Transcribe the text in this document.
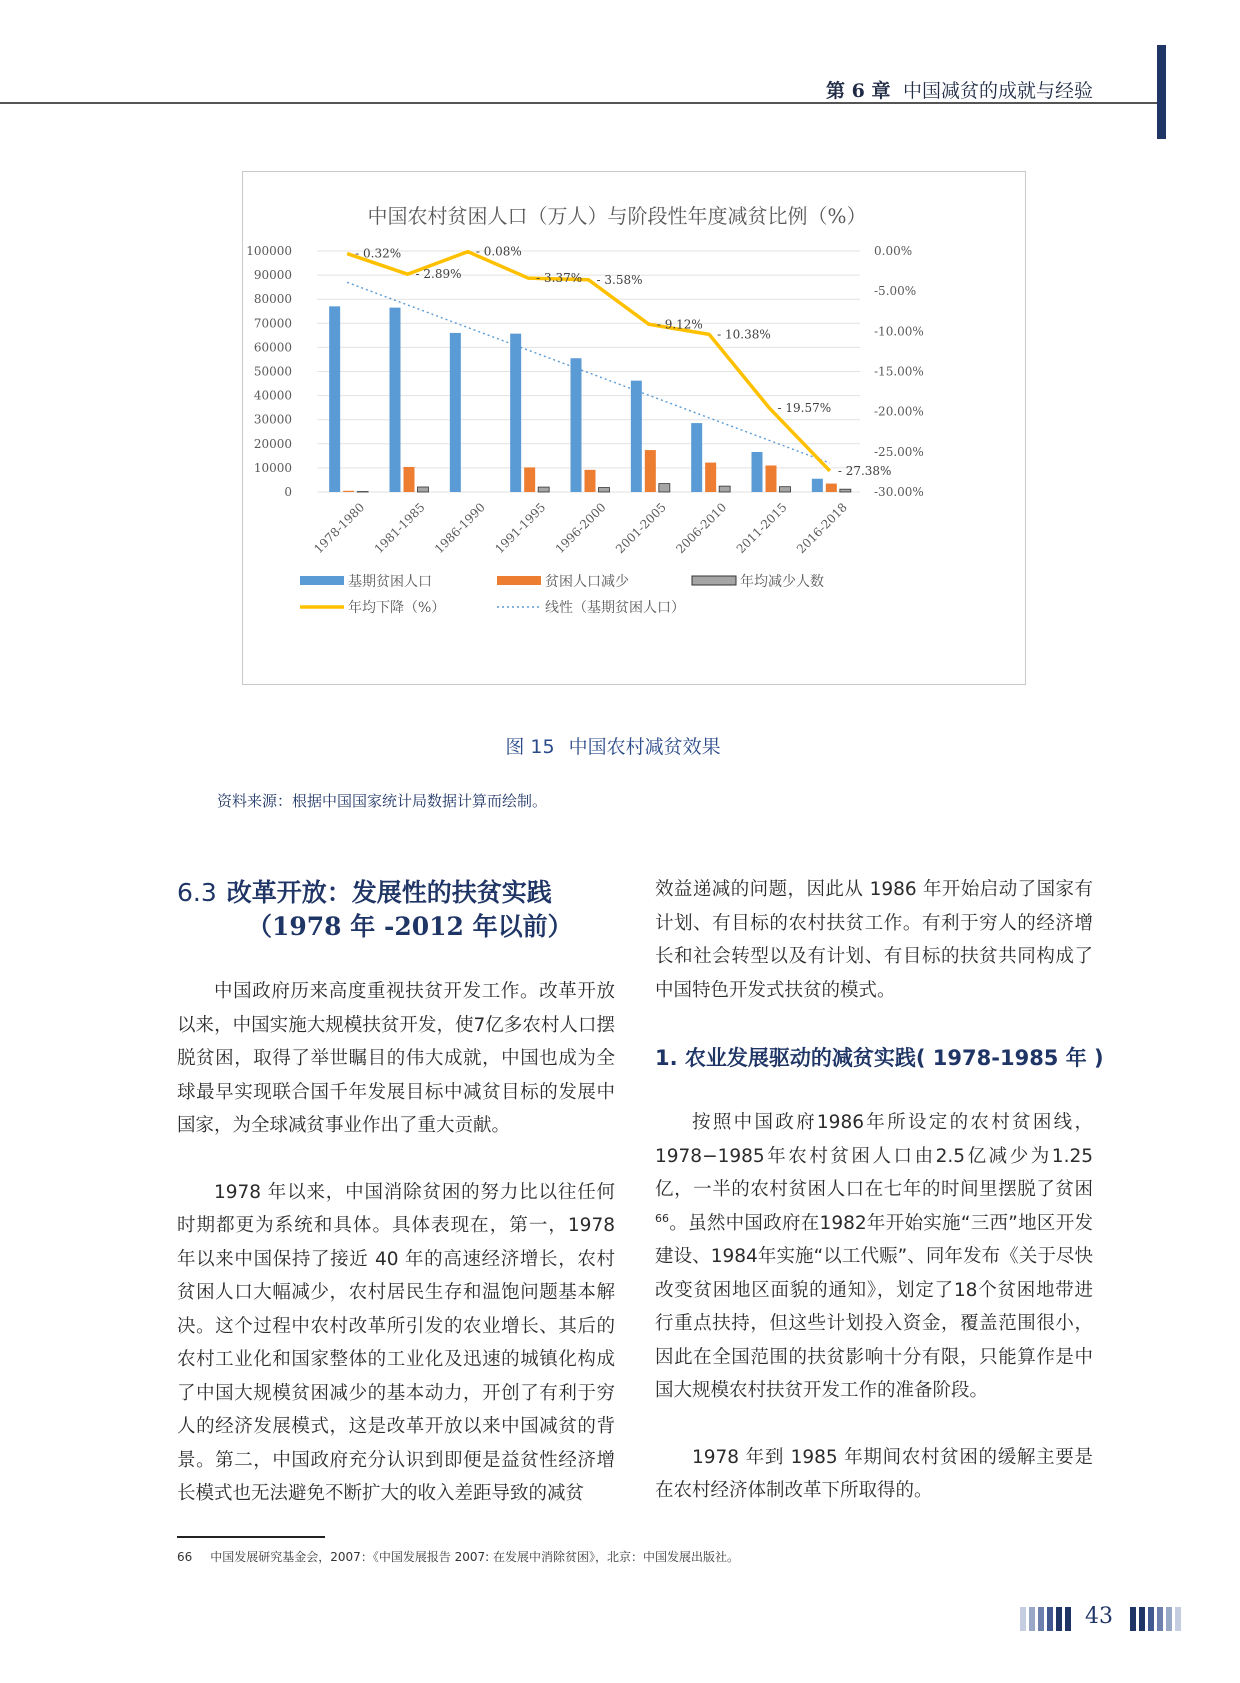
第 6 章 中国减贫的成就与经验
- 0.32%
- 2.89%
- 0.08%
- 3.37% - 3.58%
- 9.12%
- 10.38%
- 19.57%
- 27.38%
100000
90000
80000
70000
60000
50000
40000
30000
20000
10000
0
0.00%
-5.00%
-10.00%
-15.00%
-20.00%
-25.00%
-30.00%
1978-1980 1981-1985 1986-1990 1991-1995 1996-2000 2001-2005 2006-2010 2011-2015 2016-2018
基期贫困人口	贫困人口减少	年均减少人数
年均下降（%）	线性（基期贫困人口）
中国农村贫困人口（万人）与阶段性年度减贫比例（%）
图 15 中国农村减贫效果
资料来源：根据中国国家统计局数据计算而绘制。
6.3 改革开放：发展性的扶贫实践
（1978 年 -2012 年以前）

中国政府历来高度重视扶贫开发工作。改革开放以来，中国实施大规模扶贫开发，使7亿多农村人口摆脱贫困，取得了举世瞩目的伟大成就，中国也成为全球最早实现联合国千年发展目标中减贫目标的发展中国家，为全球减贫事业作出了重大贡献。

1978 年以来，中国消除贫困的努力比以往任何时期都更为系统和具体。具体表现在，第一，1978 年以来中国保持了接近 40 年的高速经济增长，农村贫困人口大幅减少，农村居民生存和温饱问题基本解决。这个过程中农村改革所引发的农业增长、其后的农村工业化和国家整体的工业化及迅速的城镇化构成了中国大规模贫困减少的基本动力，开创了有利于穷人的经济发展模式，这是改革开放以来中国减贫的背景。第二，中国政府充分认识到即便是益贫性经济增长模式也无法避免不断扩大的收入差距导致的减贫

效益递减的问题，因此从 1986 年开始启动了国家有计划、有目标的农村扶贫工作。有利于穷人的经济增长和社会转型以及有计划、有目标的扶贫共同构成了中国特色开发式扶贫的模式。

1. 农业发展驱动的减贫实践( 1978-1985 年 )

按照中国政府1986年所设定的农村贫困线，1978−1985年农村贫困人口由2.5亿减少为1.25亿，一半的农村贫困人口在七年的时间里摆脱了贫困$^{66}$。虽然中国政府在1982年开始实施“三西”地区开发建设、1984年实施“以工代赈”、同年发布《关于尽快改变贫困地区面貌的通知》，划定了18个贫困地带进行重点扶持，但这些计划投入资金，覆盖范围很小，因此在全国范围的扶贫影响十分有限，只能算作是中国大规模农村扶贫开发工作的准备阶段。

1978 年到 1985 年期间农村贫困的缓解主要是在农村经济体制改革下所取得的。

66 中国发展研究基金会，2007：《中国发展报告 2007: 在发展中消除贫困》，北京：中国发展出版社。
43
